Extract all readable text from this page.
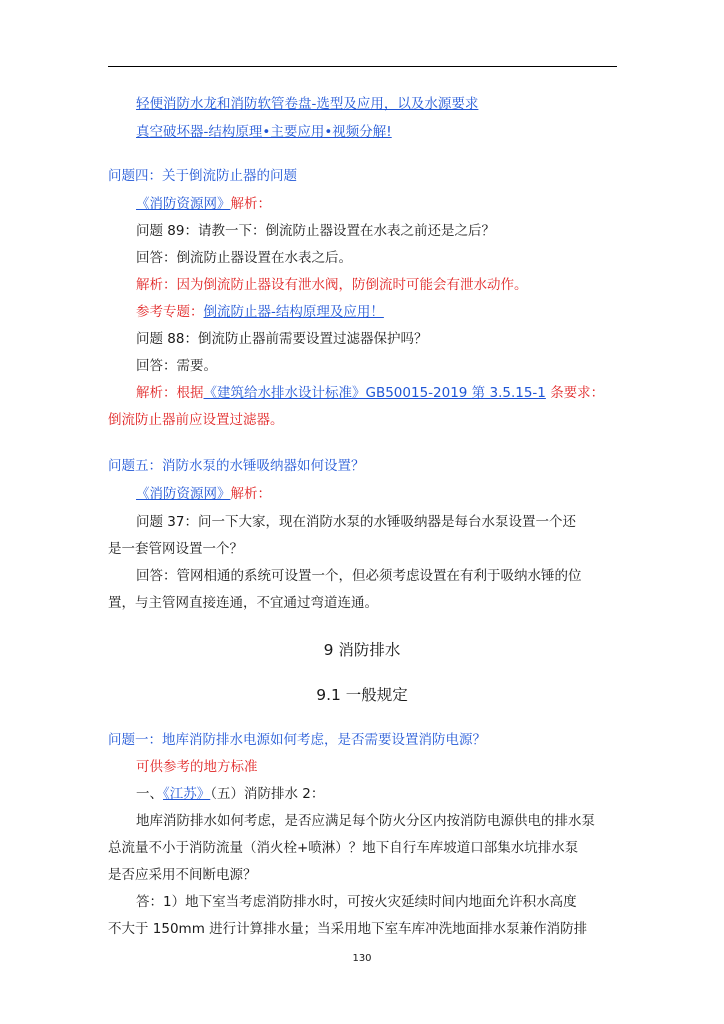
轻便消防水龙和消防软管卷盘-选型及应用，以及水源要求
真空破坏器-结构原理•主要应用•视频分解!
问题四：关于倒流防止器的问题
《消防资源网》解析：
问题 89：请教一下：倒流防止器设置在水表之前还是之后？
回答：倒流防止器设置在水表之后。
解析：因为倒流防止器设有泄水阀，防倒流时可能会有泄水动作。
参考专题：倒流防止器-结构原理及应用！
问题 88：倒流防止器前需要设置过滤器保护吗？
回答：需要。
解析：根据《建筑给水排水设计标准》GB50015-2019 第 3.5.15-1 条要求：
倒流防止器前应设置过滤器。
问题五：消防水泵的水锤吸纳器如何设置？
《消防资源网》解析：
问题 37：问一下大家，现在消防水泵的水锤吸纳器是每台水泵设置一个还
是一套管网设置一个？
回答：管网相通的系统可设置一个，但必须考虑设置在有利于吸纳水锤的位
置，与主管网直接连通，不宜通过弯道连通。
9 消防排水
9.1 一般规定
问题一：地库消防排水电源如何考虑，是否需要设置消防电源？
可供参考的地方标准
一、《江苏》（五）消防排水 2：
地库消防排水如何考虑，是否应满足每个防火分区内按消防电源供电的排水泵
总流量不小于消防流量（消火栓+喷淋）？地下自行车库坡道口部集水坑排水泵
是否应采用不间断电源？
答：1）地下室当考虑消防排水时，可按火灾延续时间内地面允许积水高度
不大于 150mm 进行计算排水量；当采用地下室车库冲洗地面排水泵兼作消防排
130
